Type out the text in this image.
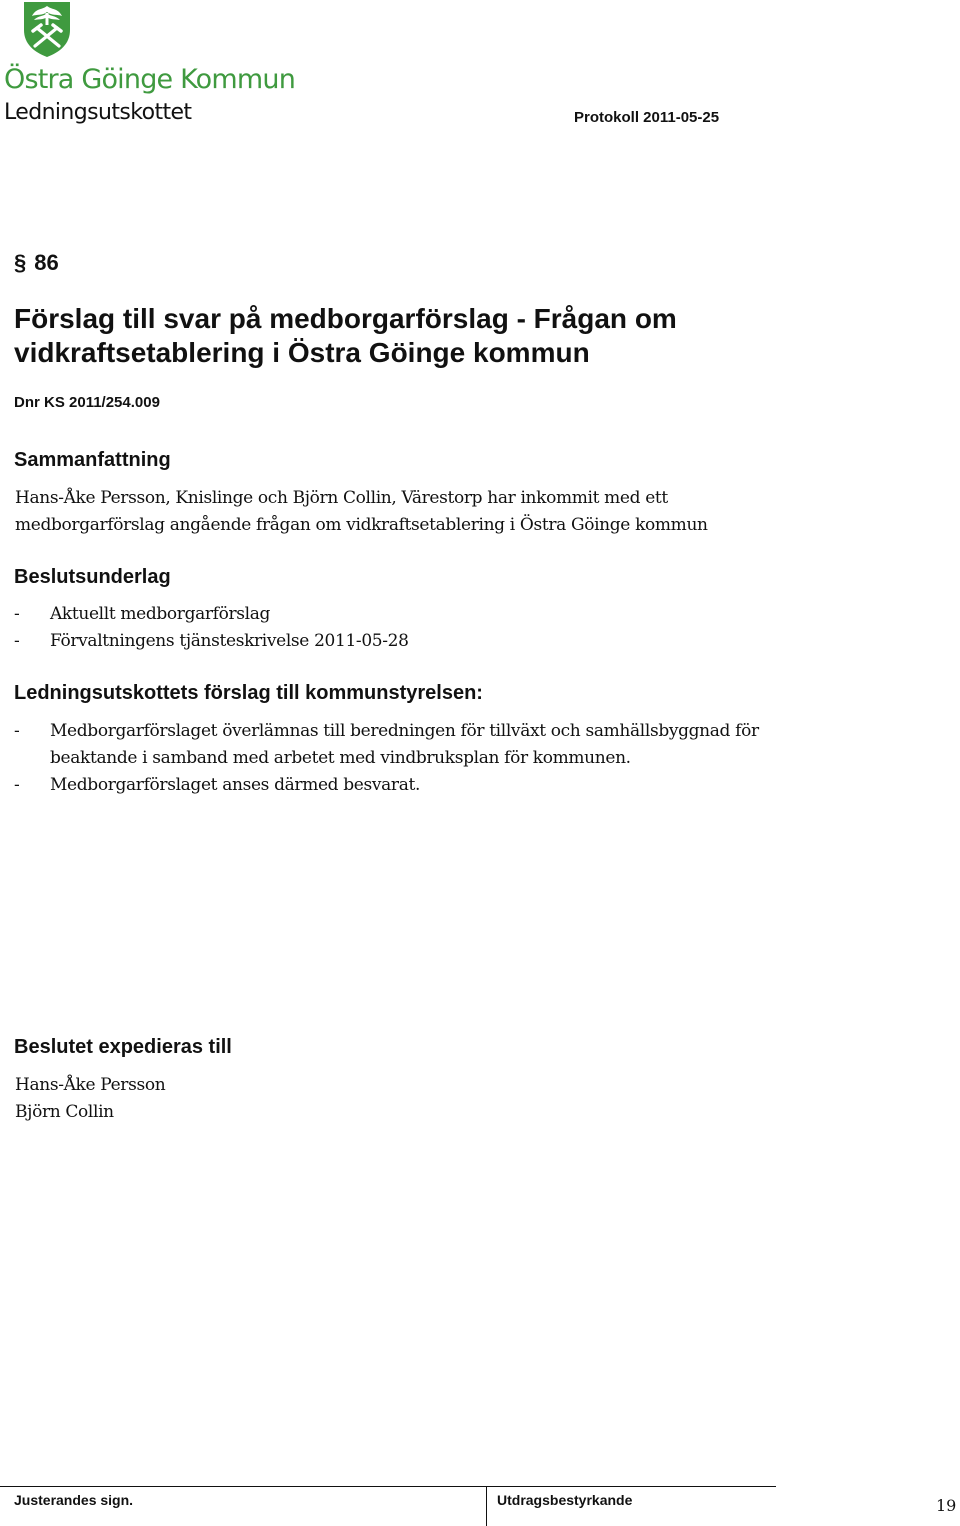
Östra Göinge Kommun
Ledningsutskottet	Protokoll 2011-05-25
§ 86
Förslag till svar på medborgarförslag - Frågan om vidkraftsetablering i Östra Göinge kommun
Dnr KS 2011/254.009
Sammanfattning

Hans-Åke Persson, Knislinge och Björn Collin, Värestorp har inkommit med ett medborgarförslag angående frågan om vidkraftsetablering i Östra Göinge kommun

Beslutsunderlag
- Aktuellt medborgarförslag
- Förvaltningens tjänsteskrivelse 2011-05-28
Ledningsutskottets förslag till kommunstyrelsen:
- Medborgarförslaget överlämnas till beredningen för tillväxt och samhällsbyggnad för beaktande i samband med arbetet med vindbruksplan för kommunen.
- Medborgarförslaget anses därmed besvarat.
Beslutet expedieras till
Hans-Åke Persson
Björn Collin
Justerandes sign.	Utdragsbestyrkande	19
